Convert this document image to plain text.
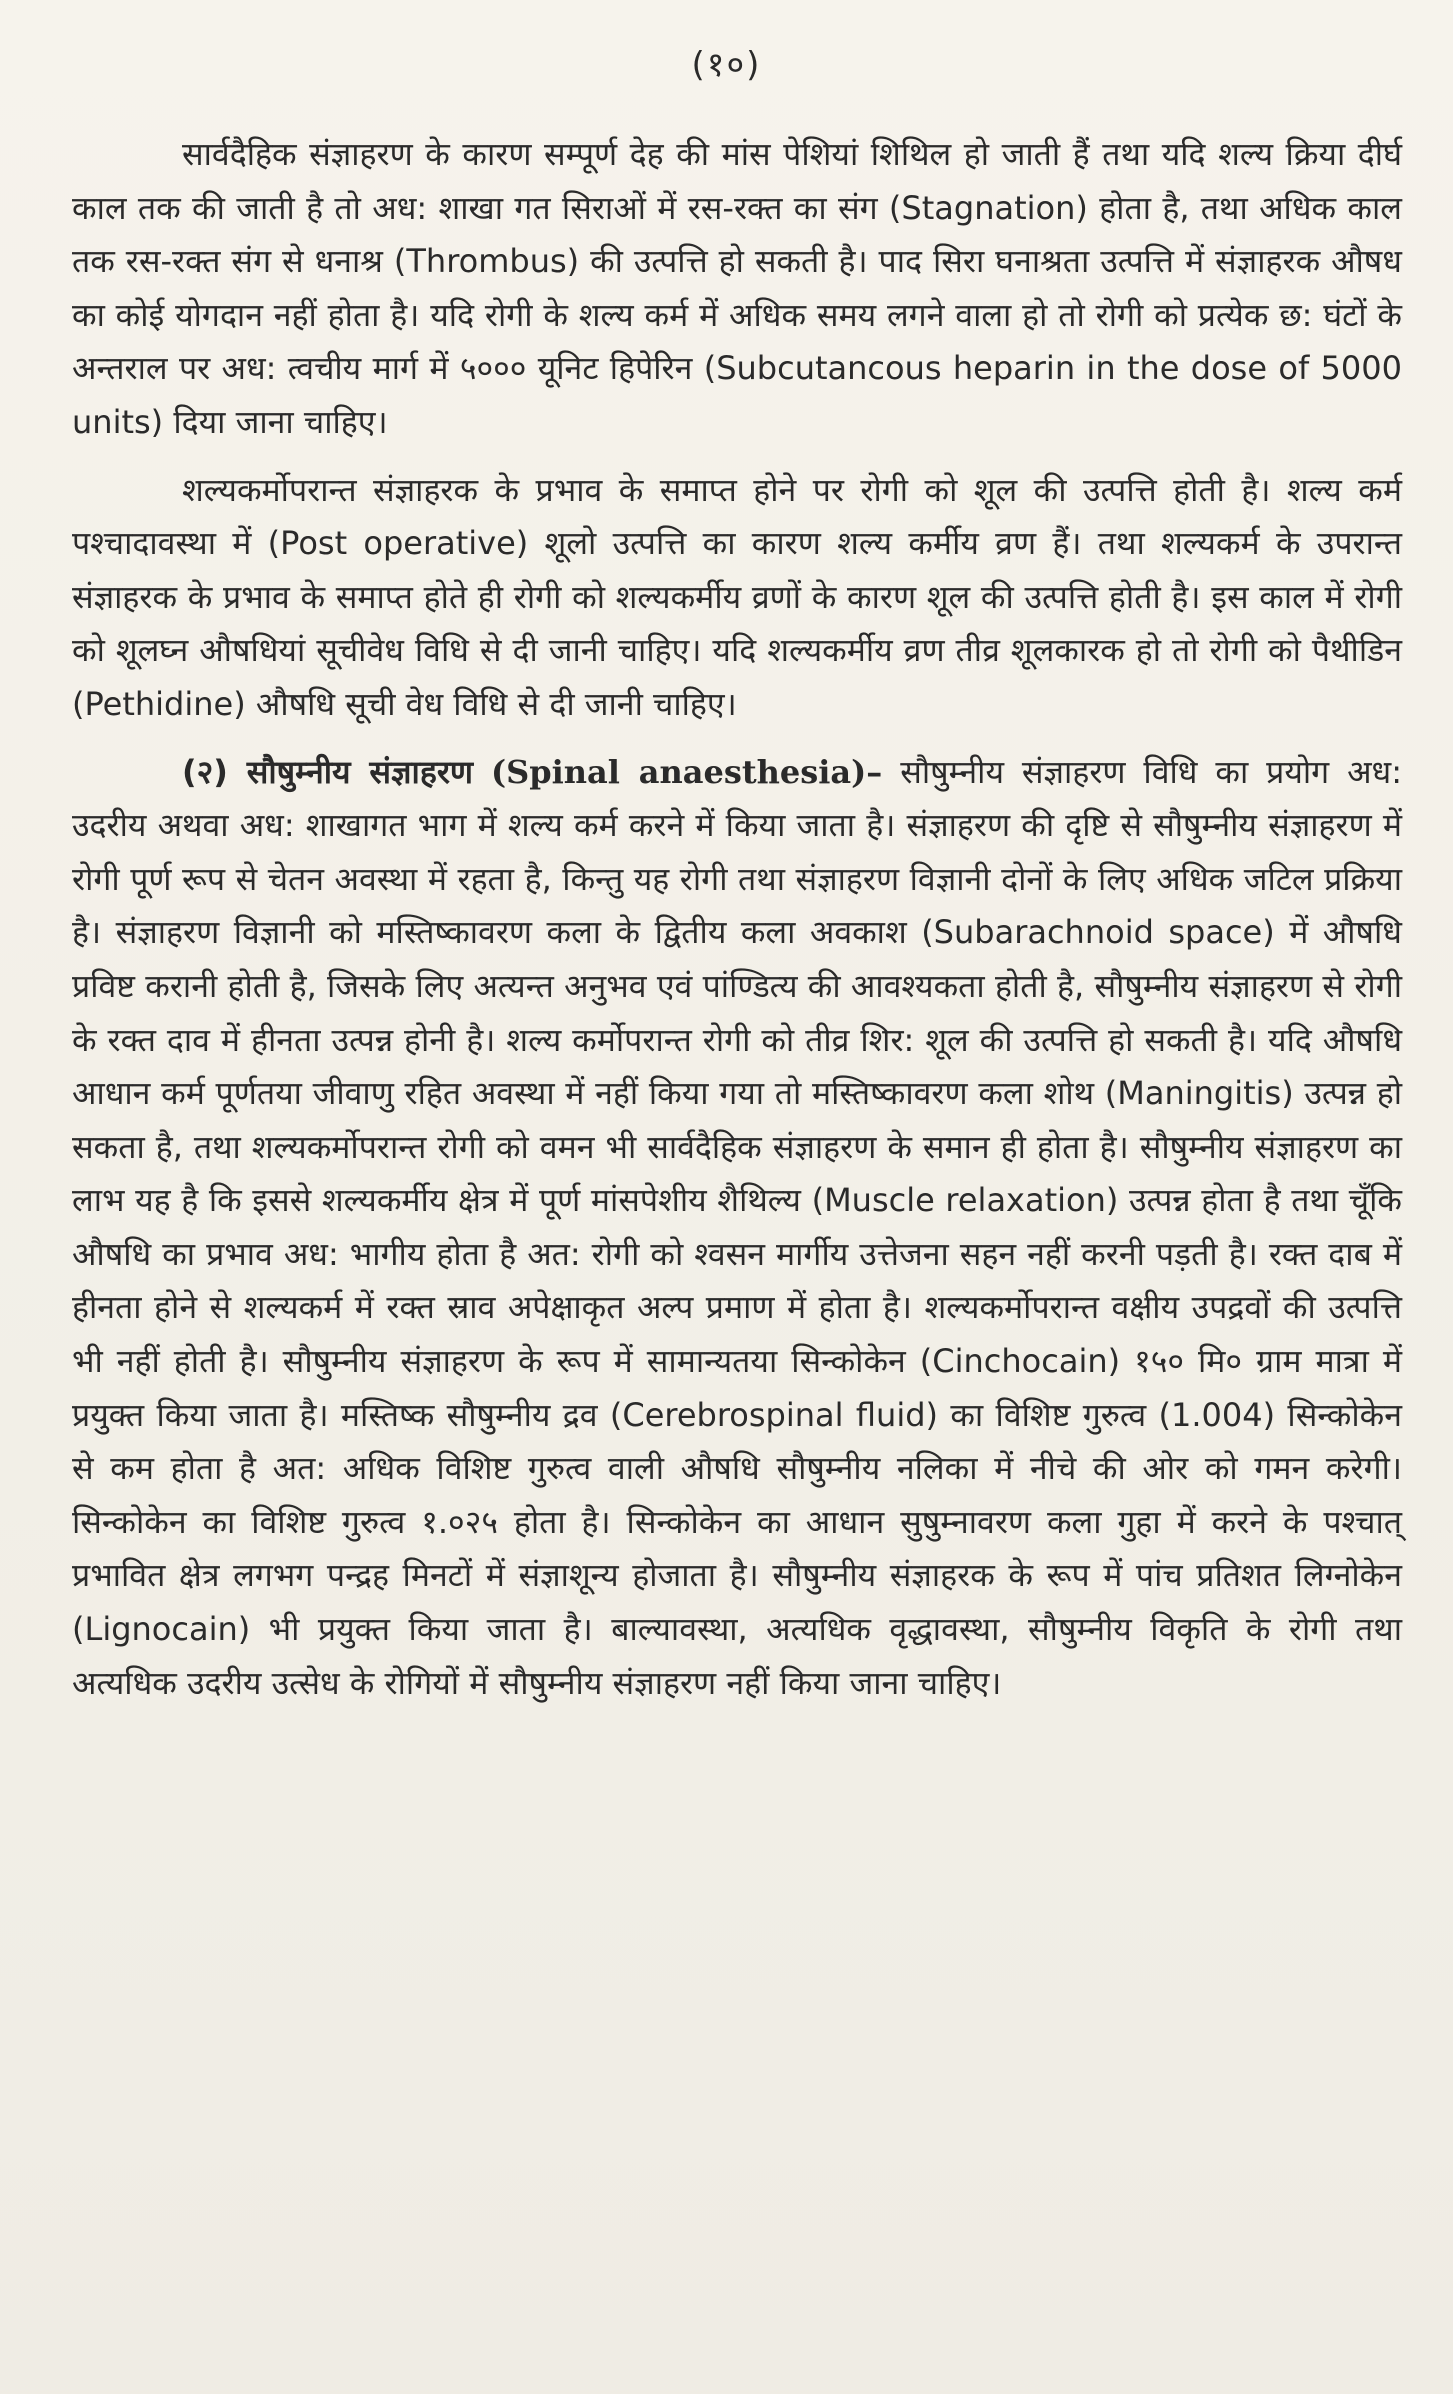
(१०)

सार्वदैहिक संज्ञाहरण के कारण सम्पूर्ण देह की मांस पेशियां शिथिल हो जाती हैं तथा यदि शल्य क्रिया दीर्घ काल तक की जाती है तो अध: शाखा गत सिराओं में रस-रक्त का संग (Stagnation) होता है, तथा अधिक काल तक रस-रक्त संग से धनाश्र (Thrombus) की उत्पत्ति हो सकती है। पाद सिरा घनाश्रता उत्पत्ति में संज्ञाहरक औषध का कोई योगदान नहीं होता है। यदि रोगी के शल्य कर्म में अधिक समय लगने वाला हो तो रोगी को प्रत्येक छ: घंटों के अन्तराल पर अध: त्वचीय मार्ग में ५००० यूनिट हिपेरिन (Subcutancous heparin in the dose of 5000 units) दिया जाना चाहिए।

शल्यकर्मोपरान्त संज्ञाहरक के प्रभाव के समाप्त होने पर रोगी को शूल की उत्पत्ति होती है। शल्य कर्म पश्चादावस्था में (Post operative) शूलो उत्पत्ति का कारण शल्य कर्मीय व्रण हैं। तथा शल्यकर्म के उपरान्त संज्ञाहरक के प्रभाव के समाप्त होते ही रोगी को शल्यकर्मीय व्रणों के कारण शूल की उत्पत्ति होती है। इस काल में रोगी को शूलघ्न औषधियां सूचीवेध विधि से दी जानी चाहिए। यदि शल्यकर्मीय व्रण तीव्र शूलकारक हो तो रोगी को पैथीडिन (Pethidine) औषधि सूची वेध विधि से दी जानी चाहिए।

(२) सौषुम्नीय संज्ञाहरण (Spinal anaesthesia)– सौषुम्नीय संज्ञाहरण विधि का प्रयोग अध: उदरीय अथवा अध: शाखागत भाग में शल्य कर्म करने में किया जाता है। संज्ञाहरण की दृष्टि से सौषुम्नीय संज्ञाहरण में रोगी पूर्ण रूप से चेतन अवस्था में रहता है, किन्तु यह रोगी तथा संज्ञाहरण विज्ञानी दोनों के लिए अधिक जटिल प्रक्रिया है। संज्ञाहरण विज्ञानी को मस्तिष्कावरण कला के द्वितीय कला अवकाश (Subarachnoid space) में औषधि प्रविष्ट करानी होती है, जिसके लिए अत्यन्त अनुभव एवं पांण्डित्य की आवश्यकता होती है, सौषुम्नीय संज्ञाहरण से रोगी के रक्त दाव में हीनता उत्पन्न होनी है। शल्य कर्मोपरान्त रोगी को तीव्र शिर: शूल की उत्पत्ति हो सकती है। यदि औषधि आधान कर्म पूर्णतया जीवाणु रहित अवस्था में नहीं किया गया तो मस्तिष्कावरण कला शोथ (Maningitis) उत्पन्न हो सकता है, तथा शल्यकर्मोपरान्त रोगी को वमन भी सार्वदैहिक संज्ञाहरण के समान ही होता है। सौषुम्नीय संज्ञाहरण का लाभ यह है कि इससे शल्यकर्मीय क्षेत्र में पूर्ण मांसपेशीय शैथिल्य (Muscle relaxation) उत्पन्न होता है तथा चूँकि औषधि का प्रभाव अध: भागीय होता है अत: रोगी को श्वसन मार्गीय उत्तेजना सहन नहीं करनी पड़ती है। रक्त दाब में हीनता होने से शल्यकर्म में रक्त स्राव अपेक्षाकृत अल्प प्रमाण में होता है। शल्यकर्मोपरान्त वक्षीय उपद्रवों की उत्पत्ति भी नहीं होती है। सौषुम्नीय संज्ञाहरण के रूप में सामान्यतया सिन्कोकेन (Cinchocain) १५० मि० ग्राम मात्रा में प्रयुक्त किया जाता है। मस्तिष्क सौषुम्नीय द्रव (Cerebrospinal fluid) का विशिष्ट गुरुत्व (1.004) सिन्कोकेन से कम होता है अत: अधिक विशिष्ट गुरुत्व वाली औषधि सौषुम्नीय नलिका में नीचे की ओर को गमन करेगी। सिन्कोकेन का विशिष्ट गुरुत्व १.०२५ होता है। सिन्कोकेन का आधान सुषुम्नावरण कला गुहा में करने के पश्चात् प्रभावित क्षेत्र लगभग पन्द्रह मिनटों में संज्ञाशून्य होजाता है। सौषुम्नीय संज्ञाहरक के रूप में पांच प्रतिशत लिग्नोकेन (Lignocain) भी प्रयुक्त किया जाता है। बाल्यावस्था, अत्यधिक वृद्धावस्था, सौषुम्नीय विकृति के रोगी तथा अत्यधिक उदरीय उत्सेध के रोगियों में सौषुम्नीय संज्ञाहरण नहीं किया जाना चाहिए।
